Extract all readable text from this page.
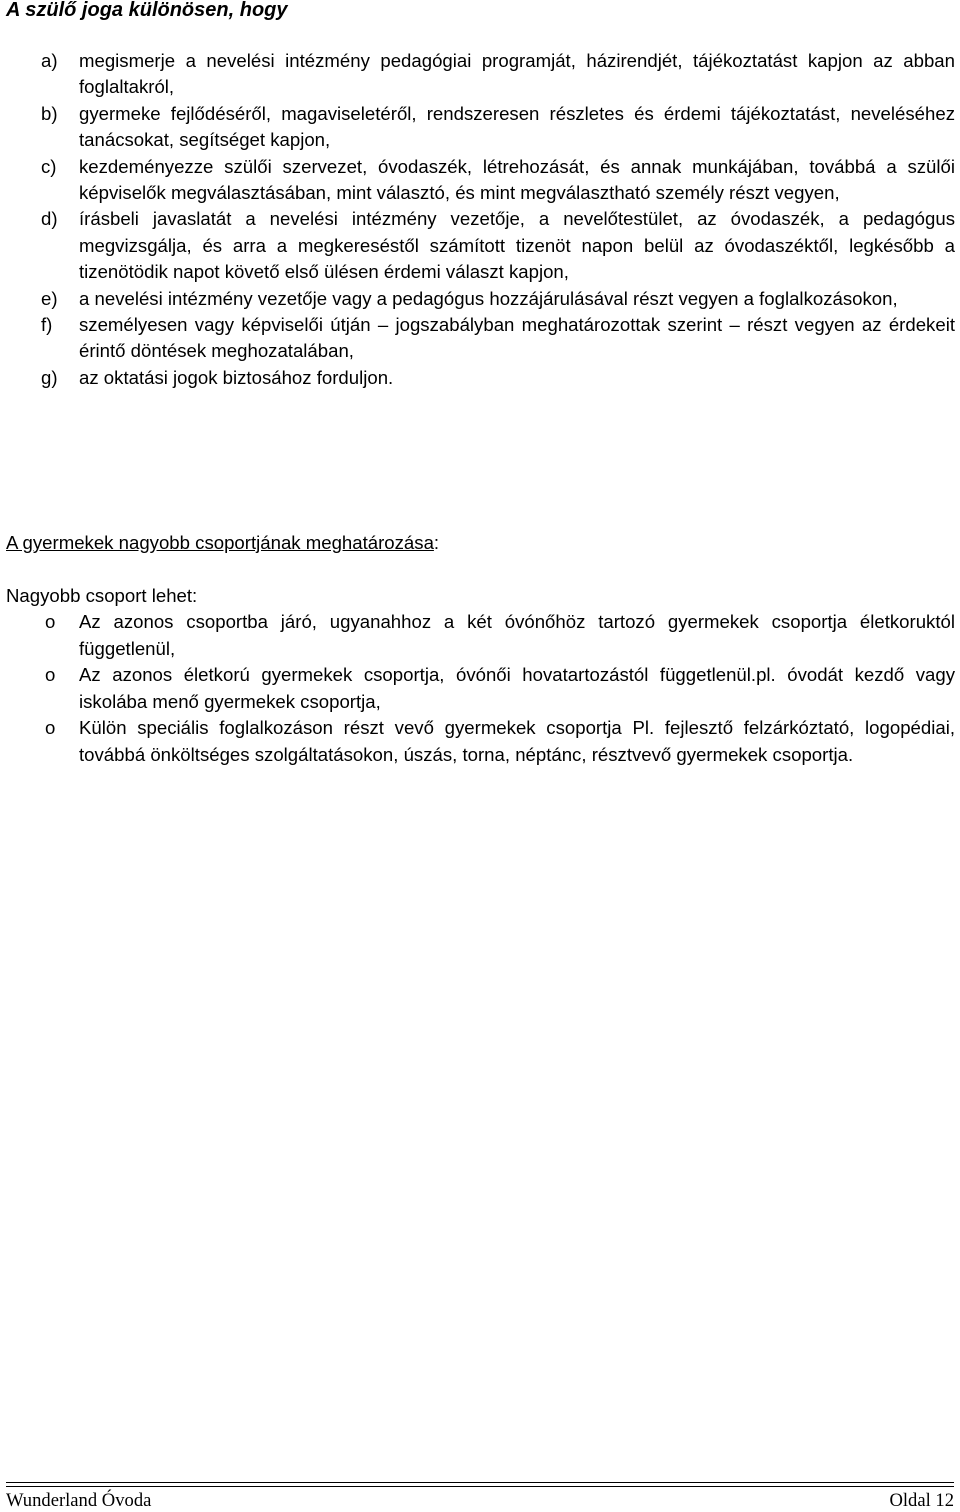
A szülő joga különösen, hogy
a) megismerje a nevelési intézmény pedagógiai programját, házirendjét, tájékoztatást kapjon az abban foglaltakról,
b) gyermeke fejlődéséről, magaviseletéről, rendszeresen részletes és érdemi tájékoztatást, neveléséhez tanácsokat, segítséget kapjon,
c) kezdeményezze szülői szervezet, óvodaszék, létrehozását, és annak munkájában, továbbá a szülői képviselők megválasztásában, mint választó, és mint megválasztható személy részt vegyen,
d) írásbeli javaslatát a nevelési intézmény vezetője, a nevelőtestület, az óvodaszék, a pedagógus megvizsgálja, és arra a megkereséstől számított tizenöt napon belül az óvodaszéktől, legkésőbb a tizenötödik napot követő első ülésen érdemi választ kapjon,
e) a nevelési intézmény vezetője vagy a pedagógus hozzájárulásával részt vegyen a foglalkozásokon,
f) személyesen vagy képviselői útján – jogszabályban meghatározottak szerint – részt vegyen az érdekeit érintő döntések meghozatalában,
g) az oktatási jogok biztosához forduljon.
A gyermekek nagyobb csoportjának meghatározása:
Nagyobb csoport lehet:
o Az azonos csoportba járó, ugyanahhoz a két óvónőhöz tartozó gyermekek csoportja életkoruktól függetlenül,
o Az azonos életkorú gyermekek csoportja, óvónői hovatartozástól függetlenül.pl. óvodát kezdő vagy iskolába menő gyermekek csoportja,
o Külön speciális foglalkozáson részt vevő gyermekek csoportja Pl. fejlesztő felzárkóztató, logopédiai, továbbá önköltséges szolgáltatásokon, úszás, torna, néptánc, résztvevő gyermekek csoportja.
Wunderland Óvoda	Oldal 12
